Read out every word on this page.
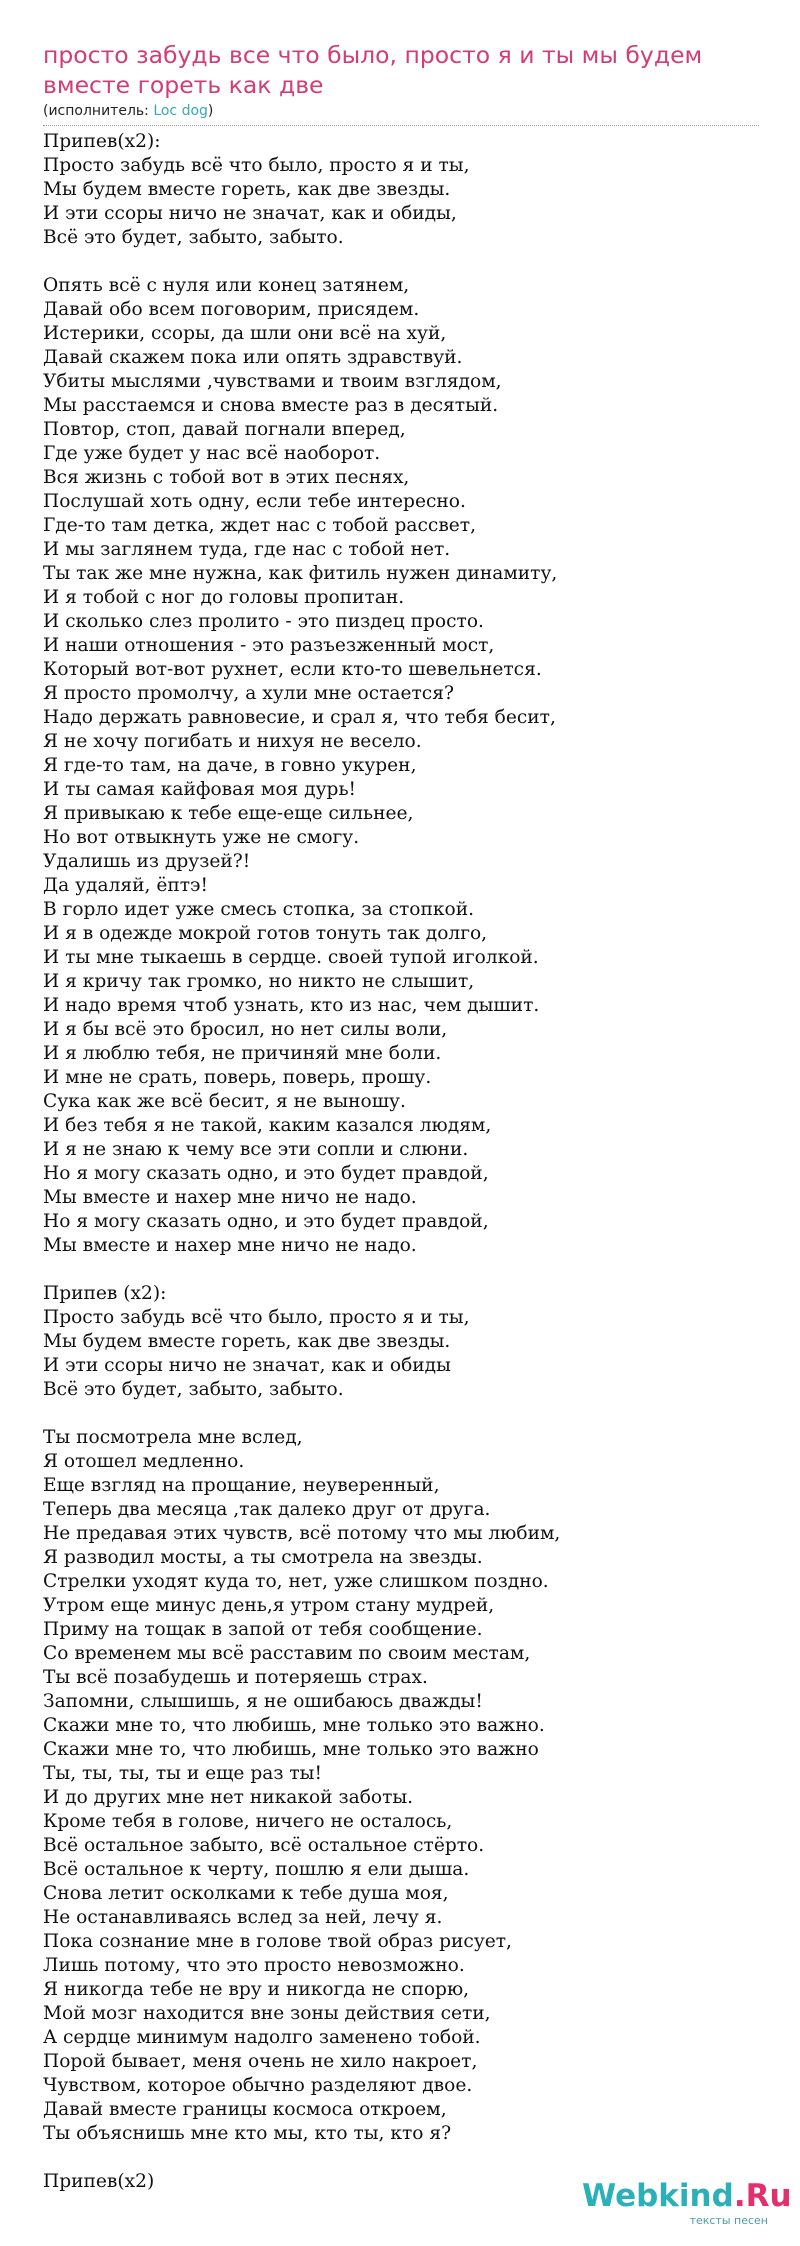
просто забудь все что было, просто я и ты мы будем вместе гореть как две
(исполнитель: Loc dog)
Припев(x2):
Просто забудь всё что было, просто я и ты,
Мы будем вместе гореть, как две звезды.
И эти ссоры ничо не значат, как и обиды,
Всё это будет, забыто, забыто.

Опять всё с нуля или конец затянем,
Давай обо всем поговорим, присядем.
Истерики, ссоры, да шли они всё на хуй,
Давай скажем пока или опять здравствуй.
Убиты мыслями ,чувствами и твоим взглядом,
Мы расстаемся и снова вместе раз в десятый.
Повтор, стоп, давай погнали вперед,
Где уже будет у нас всё наоборот.
Вся жизнь с тобой вот в этих песнях,
Послушай хоть одну, если тебе интересно.
Где-то там детка, ждет нас с тобой рассвет,
И мы заглянем туда, где нас с тобой нет.
Ты так же мне нужна, как фитиль нужен динамиту,
И я тобой с ног до головы пропитан.
И сколько слез пролито - это пиздец просто.
И наши отношения - это разъезженный мост,
Который вот-вот рухнет, если кто-то шевельнется.
Я просто промолчу, а хули мне остается?
Надо держать равновесие, и срал я, что тебя бесит,
Я не хочу погибать и нихуя не весело.
Я где-то там, на даче, в говно укурен,
И ты самая кайфовая моя дурь!
Я привыкаю к тебе еще-еще сильнее,
Но вот отвыкнуть уже не смогу.
Удалишь из друзей?!
Да удаляй, ёптэ!
В горло идет уже смесь стопка, за стопкой.
И я в одежде мокрой готов тонуть так долго,
И ты мне тыкаешь в сердце. своей тупой иголкой.
И я кричу так громко, но никто не слышит,
И надо время чтоб узнать, кто из нас, чем дышит.
И я бы всё это бросил, но нет силы воли,
И я люблю тебя, не причиняй мне боли.
И мне не срать, поверь, поверь, прошу.
Сука как же всё бесит, я не выношу.
И без тебя я не такой, каким казался людям,
И я не знаю к чему все эти сопли и слюни.
Но я могу сказать одно, и это будет правдой,
Мы вместе и нахер мне ничо не надо.
Но я могу сказать одно, и это будет правдой,
Мы вместе и нахер мне ничо не надо.

Припев (x2):
Просто забудь всё что было, просто я и ты,
Мы будем вместе гореть, как две звезды.
И эти ссоры ничо не значат, как и обиды
Всё это будет, забыто, забыто.

Ты посмотрела мне вслед,
Я отошел медленно.
Еще взгляд на прощание, неуверенный,
Теперь два месяца ,так далеко друг от друга.
Не предавая этих чувств, всё потому что мы любим,
Я разводил мосты, а ты смотрела на звезды.
Стрелки уходят куда то, нет, уже слишком поздно.
Утром еще минус день,я утром стану мудрей,
Приму на тощак в запой от тебя сообщение.
Со временем мы всё расставим по своим местам,
Ты всё позабудешь и потеряешь страх.
Запомни, слышишь, я не ошибаюсь дважды!
Скажи мне то, что любишь, мне только это важно.
Скажи мне то, что любишь, мне только это важно
Ты, ты, ты, ты и еще раз ты!
И до других мне нет никакой заботы.
Кроме тебя в голове, ничего не осталось,
Всё остальное забыто, всё остальное стёрто.
Всё остальное к черту, пошлю я ели дыша.
Снова летит осколками к тебе душа моя,
Не останавливаясь вслед за ней, лечу я.
Пока сознание мне в голове твой образ рисует,
Лишь потому, что это просто невозможно.
Я никогда тебе не вру и никогда не спорю,
Мой мозг находится вне зоны действия сети,
А сердце минимум надолго заменено тобой.
Порой бывает, меня очень не хило накроет,
Чувством, которое обычно разделяют двое.
Давай вместе границы космоса откроем,
Ты объяснишь мне кто мы, кто ты, кто я?

Припев(x2)	Webkind.Ru
тексты песен
